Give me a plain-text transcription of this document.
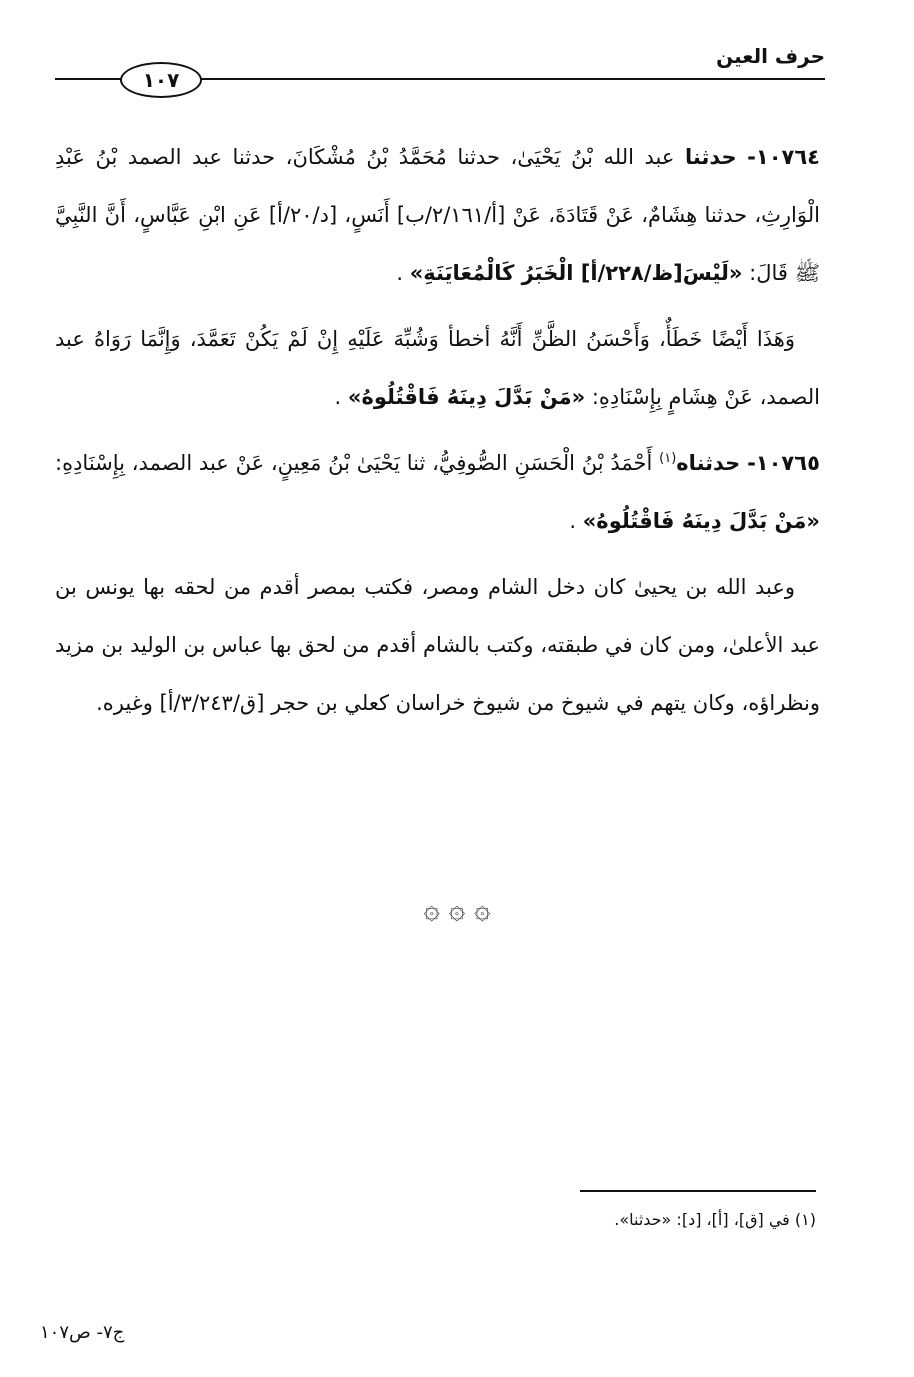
حرف العين
١٠٧

١٠٧٦٤- حدثنا عبد الله بْنُ يَحْيَىٰ، حدثنا مُحَمَّدُ بْنُ مُشْكَانَ، حدثنا عبد الصمد بْنُ عَبْدِ الْوَارِثِ، حدثنا هِشَامٌ، عَنْ قَتَادَةَ، عَنْ [أ/٢/١٦١/ب] أَنَسٍ، [د/٢٠/أ] عَنِ ابْنِ عَبَّاسٍ، أَنَّ النَّبِيَّ ﷺ قَالَ: «لَيْسَ[ظ/٢٢٨/أ] الْخَبَرُ كَالْمُعَايَنَةِ» .

وَهَذَا أَيْضًا خَطَأٌ، وَأَحْسَنُ الظَّنِّ أَنَّهُ أخطأ وَشُبِّهَ عَلَيْهِ إِنْ لَمْ يَكُنْ تَعَمَّدَ، وَإِنَّمَا رَوَاهُ عبد الصمد، عَنْ هِشَامٍ بِإِسْنَادِهِ: «مَنْ بَدَّلَ دِينَهُ فَاقْتُلُوهُ» .

١٠٧٦٥- حدثناه$^{(١)}$ أَحْمَدُ بْنُ الْحَسَنِ الصُّوفِيُّ، ثنا يَحْيَىٰ بْنُ مَعِينٍ، عَنْ عبد الصمد، بِإِسْنَادِهِ: «مَنْ بَدَّلَ دِينَهُ فَاقْتُلُوهُ» .

وعبد الله بن يحيىٰ كان دخل الشام ومصر، فكتب بمصر أقدم من لحقه بها يونس بن عبد الأعلىٰ، ومن كان في طبقته، وكتب بالشام أقدم من لحق بها عباس بن الوليد بن مزيد ونظراؤه، وكان يتهم في شيوخ من شيوخ خراسان كعلي بن حجر [ق/٣/٢٤٣/أ] وغيره.

۞ ۞ ۞
(١) في [ق]، [أ]، [د]: «حدثنا».
ج٧- ص١٠٧
